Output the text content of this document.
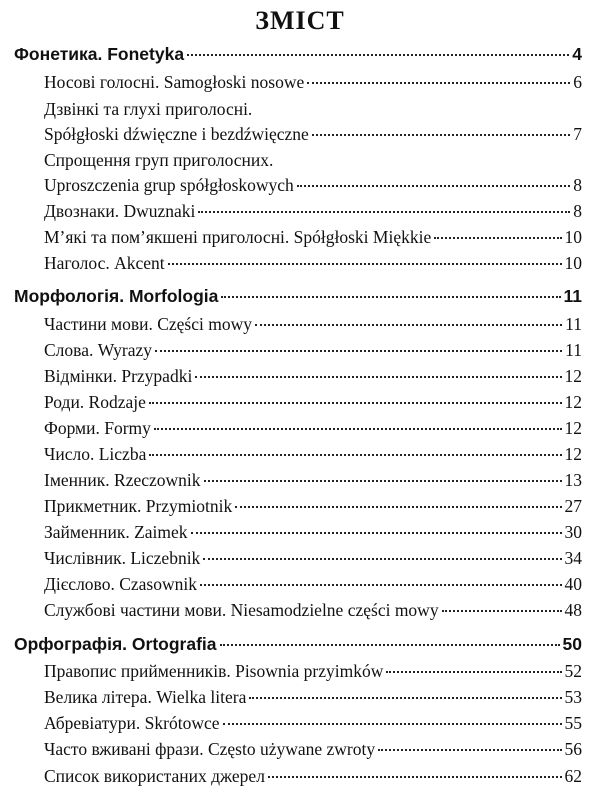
ЗМІСТ
Фонетика. Fonetyka	4
Носові голосні. Samogłoski nosowe	6
Дзвінкі та глухі приголосні.
Spółgłoski dźwięczne i bezdźwięczne	7
Спрощення груп приголосних.
Uproszczenia grup spółgłoskowych	8
Двознаки. Dwuznaki	8
М’які та пом’якшені приголосні. Spółgłoski Miękkie	10
Наголос. Akcent	10
Морфологія. Morfologia	11
Частини мови. Części mowy	11
Слова. Wyrazy	11
Відмінки. Przypadki	12
Роди. Rodzaje	12
Форми. Formy	12
Число. Liczba	12
Іменник. Rzeczownik	13
Прикметник. Przymiotnik	27
Займенник. Zaimek	30
Числівник. Liczebnik	34
Дієслово. Czasownik	40
Службові частини мови. Niesamodzielne części mowy	48
Орфографія. Ortografia	50
Правопис прийменників. Pisownia przyimków	52
Велика літера. Wielka litera	53
Абревіатури. Skrótowce	55
Часто вживані фрази. Często używane zwroty	56
Список використаних джерел	62
